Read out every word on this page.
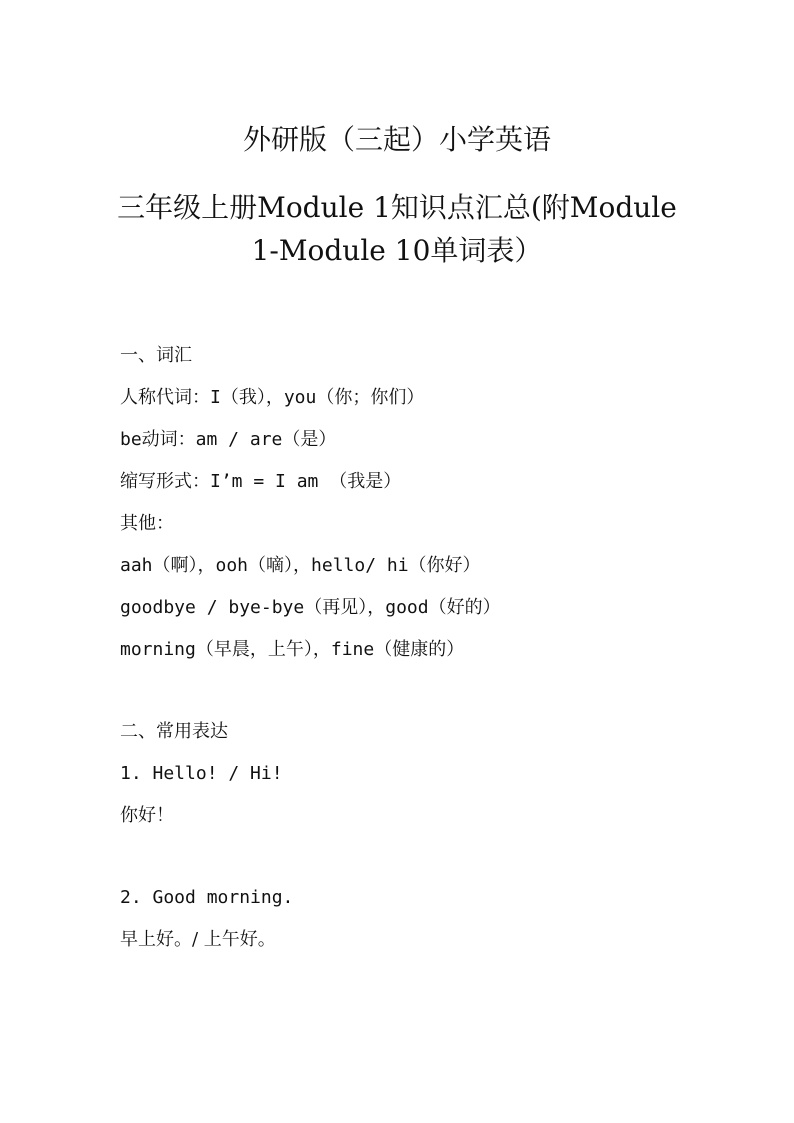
外研版（三起）小学英语
三年级上册Module 1知识点汇总(附Module
1-Module 10单词表）
一、词汇
人称代词：I（我），you（你；你们）
be动词：am / are（是）
缩写形式：I’m = I am （我是）
其他：
aah（啊），ooh（嘀），hello/ hi（你好）
goodbye / bye-bye（再见），good（好的）
morning（早晨，上午），fine（健康的）
二、常用表达
1. Hello! / Hi!
你好！
2. Good morning.
早上好。/ 上午好。
